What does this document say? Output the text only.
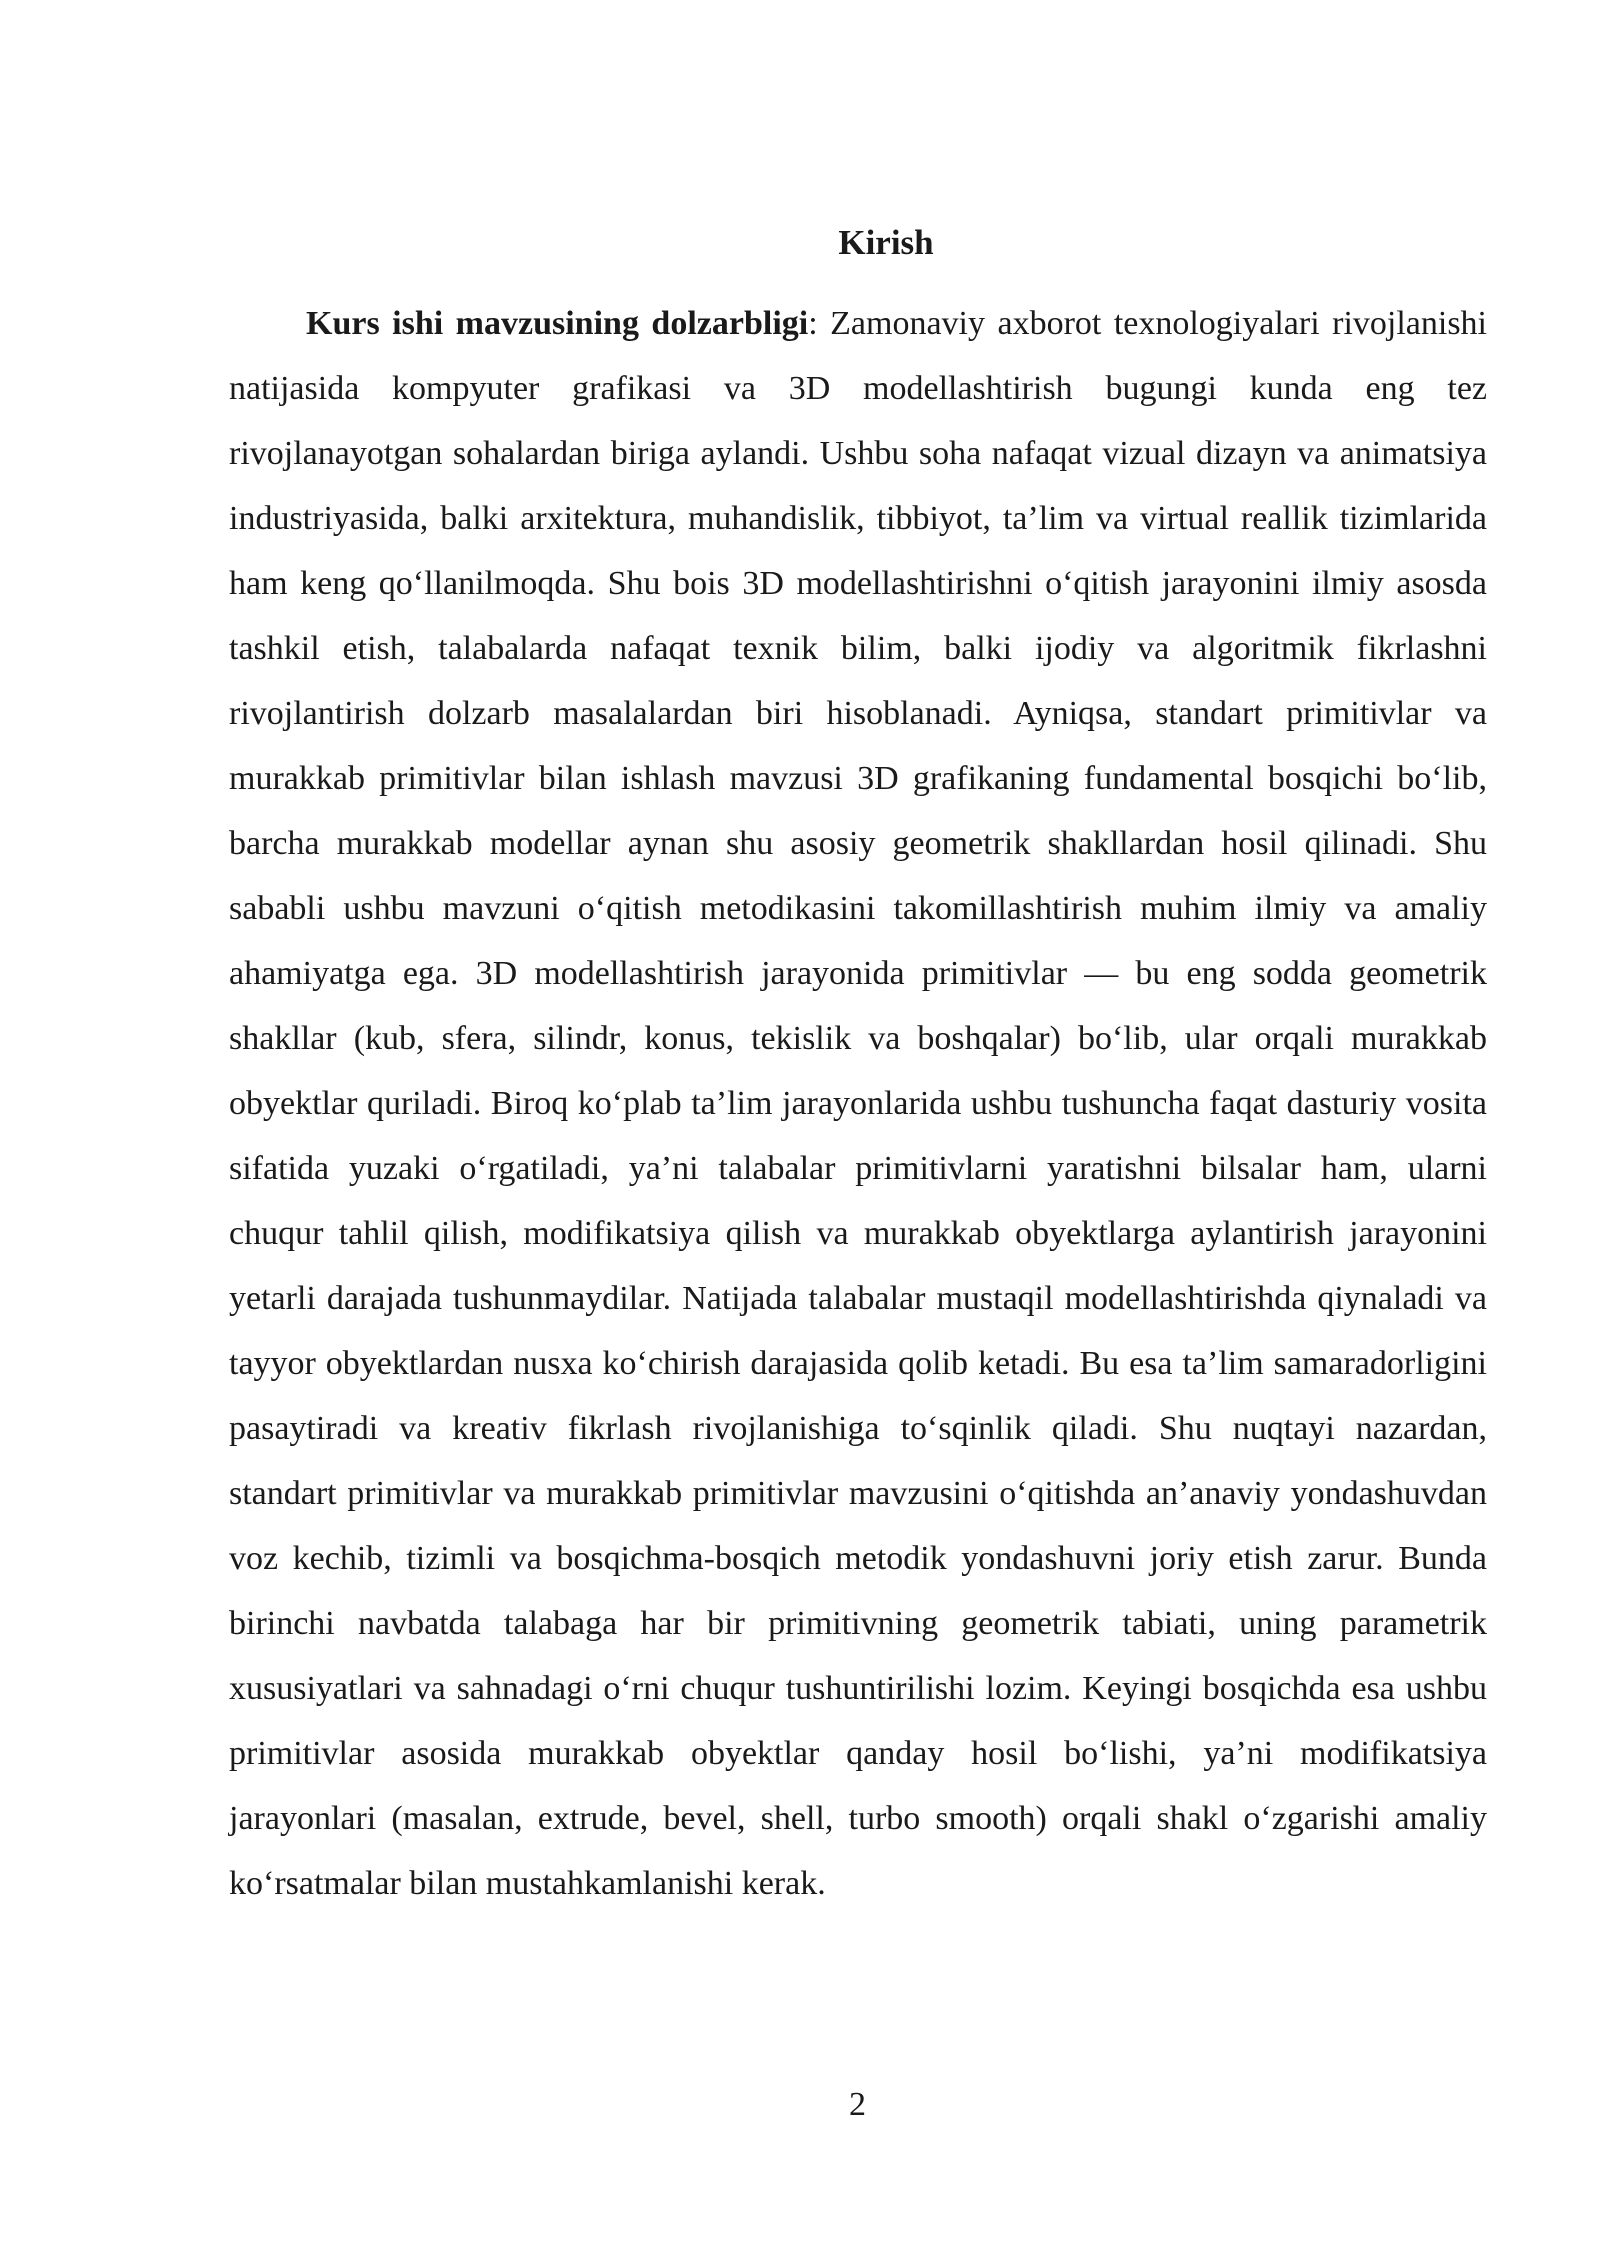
Kirish

Kurs ishi mavzusining dolzarbligi: Zamonaviy axborot texnologiyalari rivojlanishi natijasida kompyuter grafikasi va 3D modellashtirish bugungi kunda eng tez rivojlanayotgan sohalardan biriga aylandi. Ushbu soha nafaqat vizual dizayn va animatsiya industriyasida, balki arxitektura, muhandislik, tibbiyot, ta’lim va virtual reallik tizimlarida ham keng qo‘llanilmoqda. Shu bois 3D modellashtirishni o‘qitish jarayonini ilmiy asosda tashkil etish, talabalarda nafaqat texnik bilim, balki ijodiy va algoritmik fikrlashni rivojlantirish dolzarb masalalardan biri hisoblanadi. Ayniqsa, standart primitivlar va murakkab primitivlar bilan ishlash mavzusi 3D grafikaning fundamental bosqichi bo‘lib, barcha murakkab modellar aynan shu asosiy geometrik shakllardan hosil qilinadi. Shu sababli ushbu mavzuni o‘qitish metodikasini takomillashtirish muhim ilmiy va amaliy ahamiyatga ega. 3D modellashtirish jarayonida primitivlar — bu eng sodda geometrik shakllar (kub, sfera, silindr, konus, tekislik va boshqalar) bo‘lib, ular orqali murakkab obyektlar quriladi. Biroq ko‘plab ta’lim jarayonlarida ushbu tushuncha faqat dasturiy vosita sifatida yuzaki o‘rgatiladi, ya’ni talabalar primitivlarni yaratishni bilsalar ham, ularni chuqur tahlil qilish, modifikatsiya qilish va murakkab obyektlarga aylantirish jarayonini yetarli darajada tushunmaydilar. Natijada talabalar mustaqil modellashtirishda qiynaladi va tayyor obyektlardan nusxa ko‘chirish darajasida qolib ketadi. Bu esa ta’lim samaradorligini pasaytiradi va kreativ fikrlash rivojlanishiga to‘sqinlik qiladi. Shu nuqtayi nazardan, standart primitivlar va murakkab primitivlar mavzusini o‘qitishda an’anaviy yondashuvdan voz kechib, tizimli va bosqichma-bosqich metodik yondashuvni joriy etish zarur. Bunda birinchi navbatda talabaga har bir primitivning geometrik tabiati, uning parametrik xususiyatlari va sahnadagi o‘rni chuqur tushuntirilishi lozim. Keyingi bosqichda esa ushbu primitivlar asosida murakkab obyektlar qanday hosil bo‘lishi, ya’ni modifikatsiya jarayonlari (masalan, extrude, bevel, shell, turbo smooth) orqali shakl o‘zgarishi amaliy ko‘rsatmalar bilan mustahkamlanishi kerak.

2
